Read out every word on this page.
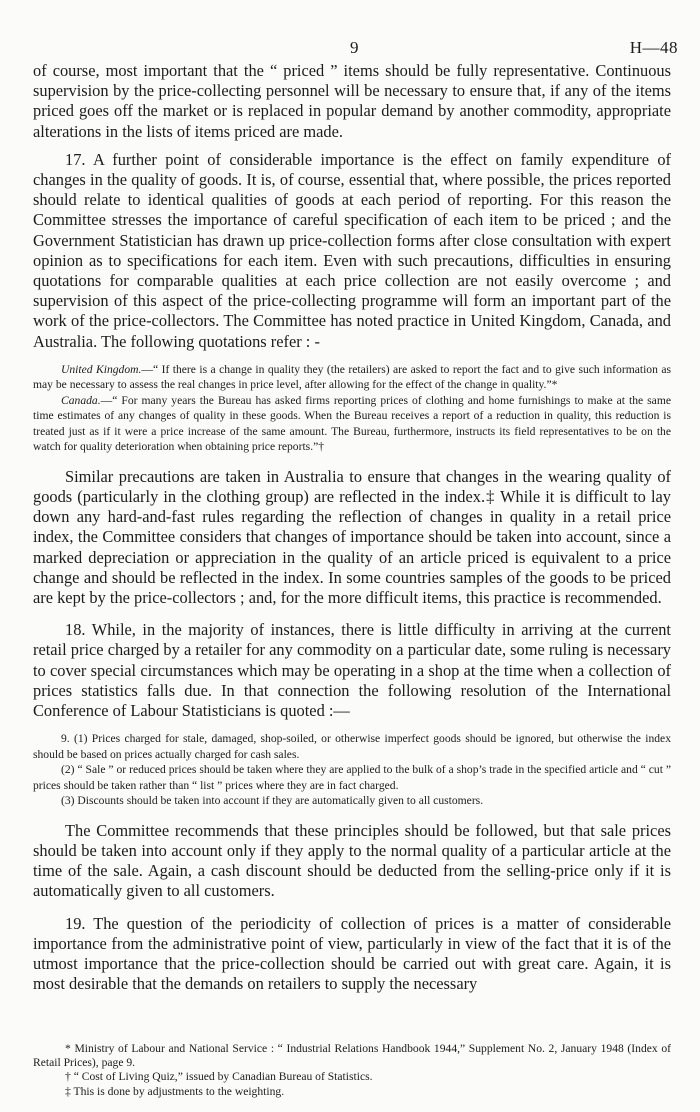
9	H—48

of course, most important that the “ priced ” items should be fully representative. Continuous supervision by the price-collecting personnel will be necessary to ensure that, if any of the items priced goes off the market or is replaced in popular demand by another commodity, appropriate alterations in the lists of items priced are made.

17. A further point of considerable importance is the effect on family expenditure of changes in the quality of goods. It is, of course, essential that, where possible, the prices reported should relate to identical qualities of goods at each period of reporting. For this reason the Committee stresses the importance of careful specification of each item to be priced ; and the Government Statistician has drawn up price-collection forms after close consultation with expert opinion as to specifications for each item. Even with such precautions, difficulties in ensuring quotations for comparable qualities at each price collection are not easily overcome ; and supervision of this aspect of the price-collecting programme will form an important part of the work of the price-collectors. The Committee has noted practice in United Kingdom, Canada, and Australia. The following quotations refer : -

United Kingdom.—“ If there is a change in quality they (the retailers) are asked to report the fact and to give such information as may be necessary to assess the real changes in price level, after allowing for the effect of the change in quality.”*

Canada.—“ For many years the Bureau has asked firms reporting prices of clothing and home furnishings to make at the same time estimates of any changes of quality in these goods. When the Bureau receives a report of a reduction in quality, this reduction is treated just as if it were a price increase of the same amount. The Bureau, furthermore, instructs its field representatives to be on the watch for quality deterioration when obtaining price reports.”†

Similar precautions are taken in Australia to ensure that changes in the wearing quality of goods (particularly in the clothing group) are reflected in the index.‡ While it is difficult to lay down any hard-and-fast rules regarding the reflection of changes in quality in a retail price index, the Committee considers that changes of importance should be taken into account, since a marked depreciation or appreciation in the quality of an article priced is equivalent to a price change and should be reflected in the index. In some countries samples of the goods to be priced are kept by the price-collectors ; and, for the more difficult items, this practice is recommended.

18. While, in the majority of instances, there is little difficulty in arriving at the current retail price charged by a retailer for any commodity on a particular date, some ruling is necessary to cover special circumstances which may be operating in a shop at the time when a collection of prices statistics falls due. In that connection the following resolution of the International Conference of Labour Statisticians is quoted :—

9. (1) Prices charged for stale, damaged, shop-soiled, or otherwise imperfect goods should be ignored, but otherwise the index should be based on prices actually charged for cash sales.

(2) “ Sale ” or reduced prices should be taken where they are applied to the bulk of a shop’s trade in the specified article and “ cut ” prices should be taken rather than “ list ” prices where they are in fact charged.

(3) Discounts should be taken into account if they are automatically given to all customers.

The Committee recommends that these principles should be followed, but that sale prices should be taken into account only if they apply to the normal quality of a particular article at the time of the sale. Again, a cash discount should be deducted from the selling-price only if it is automatically given to all customers.

19. The question of the periodicity of collection of prices is a matter of considerable importance from the administrative point of view, particularly in view of the fact that it is of the utmost importance that the price-collection should be carried out with great care. Again, it is most desirable that the demands on retailers to supply the necessary

* Ministry of Labour and National Service : “ Industrial Relations Handbook 1944,” Supplement No. 2, January 1948 (Index of Retail Prices), page 9.

† “ Cost of Living Quiz,” issued by Canadian Bureau of Statistics.

‡ This is done by adjustments to the weighting.
